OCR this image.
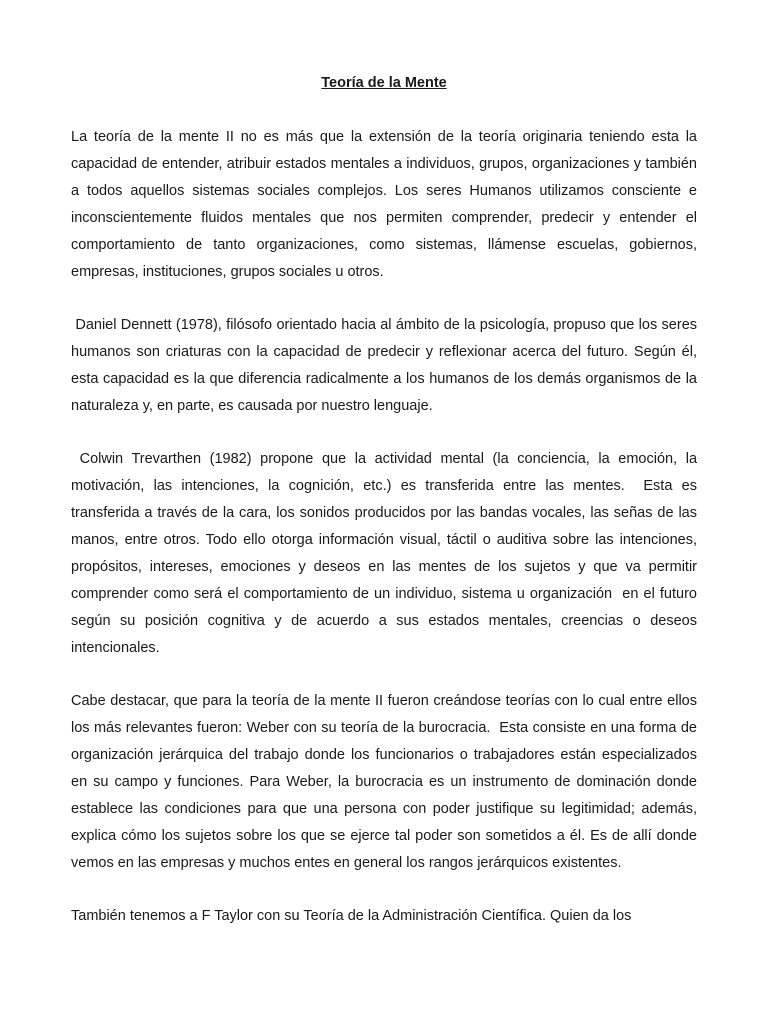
Teoría de la Mente

La teoría de la mente II no es más que la extensión de la teoría originaria teniendo esta la capacidad de entender, atribuir estados mentales a individuos, grupos, organizaciones y también a todos aquellos sistemas sociales complejos. Los seres Humanos utilizamos consciente e inconscientemente fluidos mentales que nos permiten comprender, predecir y entender el comportamiento de tanto organizaciones, como sistemas, llámense escuelas, gobiernos, empresas, instituciones, grupos sociales u otros.

Daniel Dennett (1978), filósofo orientado hacia al ámbito de la psicología, propuso que los seres humanos son criaturas con la capacidad de predecir y reflexionar acerca del futuro. Según él, esta capacidad es la que diferencia radicalmente a los humanos de los demás organismos de la naturaleza y, en parte, es causada por nuestro lenguaje.

Colwin Trevarthen (1982) propone que la actividad mental (la conciencia, la emoción, la motivación, las intenciones, la cognición, etc.) es transferida entre las mentes.  Esta es transferida a través de la cara, los sonidos producidos por las bandas vocales, las señas de las manos, entre otros. Todo ello otorga información visual, táctil o auditiva sobre las intenciones, propósitos, intereses, emociones y deseos en las mentes de los sujetos y que va permitir comprender como será el comportamiento de un individuo, sistema u organización  en el futuro según su posición cognitiva y de acuerdo a sus estados mentales, creencias o deseos intencionales.

Cabe destacar, que para la teoría de la mente II fueron creándose teorías con lo cual entre ellos los más relevantes fueron: Weber con su teoría de la burocracia.  Esta consiste en una forma de organización jerárquica del trabajo donde los funcionarios o trabajadores están especializados en su campo y funciones. Para Weber, la burocracia es un instrumento de dominación donde establece las condiciones para que una persona con poder justifique su legitimidad; además, explica cómo los sujetos sobre los que se ejerce tal poder son sometidos a él. Es de allí donde vemos en las empresas y muchos entes en general los rangos jerárquicos existentes.

También tenemos a F Taylor con su Teoría de la Administración Científica. Quien da los
